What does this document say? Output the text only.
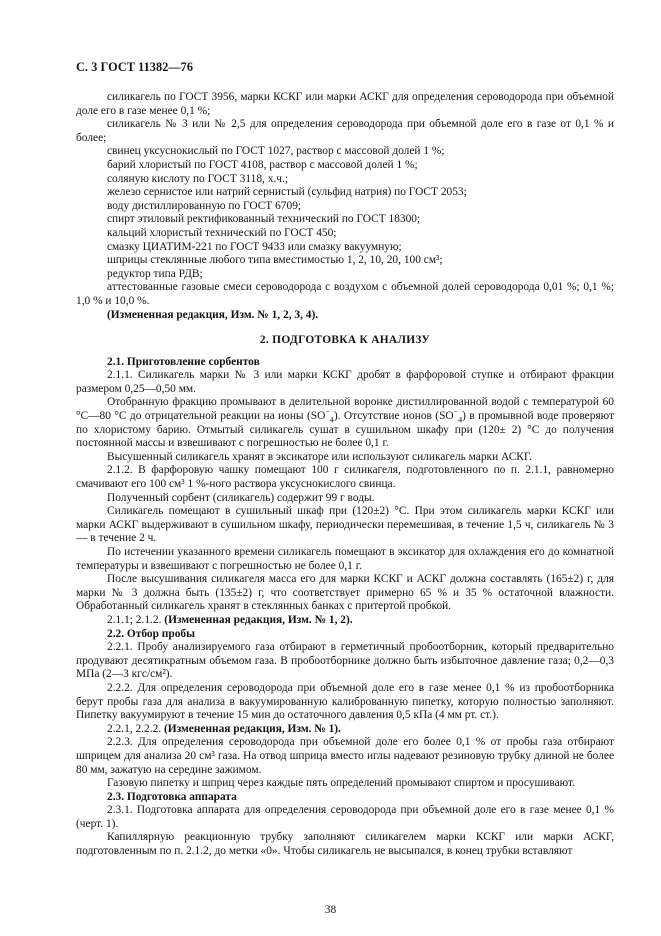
С. 3 ГОСТ 11382—76

силикагель по ГОСТ 3956, марки КСКГ или марки АСКГ для определения сероводорода при объемной доле его в газе менее 0,1 %;

силикагель № 3 или № 2,5 для определения сероводорода при объемной доле его в газе от 0,1 % и более;

свинец уксуснокислый по ГОСТ 1027, раствор с массовой долей 1 %;

барий хлористый по ГОСТ 4108, раствор с массовой долей 1 %;

соляную кислоту по ГОСТ 3118, х.ч.;

железо сернистое или натрий сернистый (сульфид натрия) по ГОСТ 2053;

воду дистиллированную по ГОСТ 6709;

спирт этиловый ректификованный технический по ГОСТ 18300;

кальций хлористый технический по ГОСТ 450;

смазку ЦИАТИМ-221 по ГОСТ 9433 или смазку вакуумную;

шприцы стеклянные любого типа вместимостью 1, 2, 10, 20, 100 см³;

редуктор типа РДВ;

аттестованные газовые смеси сероводорода с воздухом с объемной долей сероводорода 0,01 %; 0,1 %; 1,0 % и 10,0 %.

(Измененная редакция, Изм. № 1, 2, 3, 4).

2. ПОДГОТОВКА К АНАЛИЗУ

2.1. Приготовление сорбентов

2.1.1. Силикагель марки № 3 или марки КСКГ дробят в фарфоровой ступке и отбирают фракции размером 0,25—0,50 мм.

Отобранную фракцию промывают в делительной воронке дистиллированной водой с температурой 60 °С—80 °С до отрицательной реакции на ионы $(SO^-_4)$. Отсутствие ионов $(SO^-_4)$ в промывной воде проверяют по хлористому барию. Отмытый силикагель сушат в сушильном шкафу при (120± 2) °С до получения постоянной массы и взвешивают с погрешностью не более 0,1 г.

Высушенный силикагель хранят в эксикаторе или используют силикагель марки АСКГ.

2.1.2. В фарфоровую чашку помещают 100 г силикагеля, подготовленного по п. 2.1.1, равномерно смачивают его 100 см³ 1 %-ного раствора уксуснокислого свинца.

Полученный сорбент (силикагель) содержит 99 г воды.

Силикагель помещают в сушильный шкаф при (120±2) °С. При этом силикагель марки КСКГ или марки АСКГ выдерживают в сушильном шкафу, периодически перемешивая, в течение 1,5 ч, силикагель № 3 — в течение 2 ч.

По истечении указанного времени силикагель помещают в эксикатор для охлаждения его до комнатной температуры и взвешивают с погрешностью не более 0,1 г.

После высушивания силикагеля масса его для марки КСКГ и АСКГ должна составлять (165±2) г, для марки № 3 должна быть (135±2) г, что соответствует примерно 65 % и 35 % остаточной влажности. Обработанный силикагель хранят в стеклянных банках с притертой пробкой.

2.1.1; 2.1.2. (Измененная редакция, Изм. № 1, 2).

2.2. Отбор пробы

2.2.1. Пробу анализируемого газа отбирают в герметичный пробоотборник, который предварительно продувают десятикратным объемом газа. В пробоотборнике должно быть избыточное давление газа; 0,2—0,3 МПа (2—3 кгс/см²).

2.2.2. Для определения сероводорода при объемной доле его в газе менее 0,1 % из пробоотборника берут пробы газа для анализа в вакуумированную калиброванную пипетку, которую полностью заполняют. Пипетку вакуумируют в течение 15 мин до остаточного давления 0,5 кПа (4 мм рт. ст.).

2.2.1, 2.2.2. (Измененная редакция, Изм. № 1).

2.2.3. Для определения сероводорода при объемной доле его более 0,1 % от пробы газа отбирают шприцем для анализа 20 см³ газа. На отвод шприца вместо иглы надевают резиновую трубку длиной не более 80 мм, зажатую на середине зажимом.

Газовую пипетку и шприц через каждые пять определений промывают спиртом и просушивают.

2.3. Подготовка аппарата

2.3.1. Подготовка аппарата для определения сероводорода при объемной доле его в газе менее 0,1 % (черт. 1).

Капиллярную реакционную трубку заполняют силикагелем марки КСКГ или марки АСКГ, подготовленным по п. 2.1.2, до метки «0». Чтобы силикагель не высыпался, в конец трубки вставляют

38
